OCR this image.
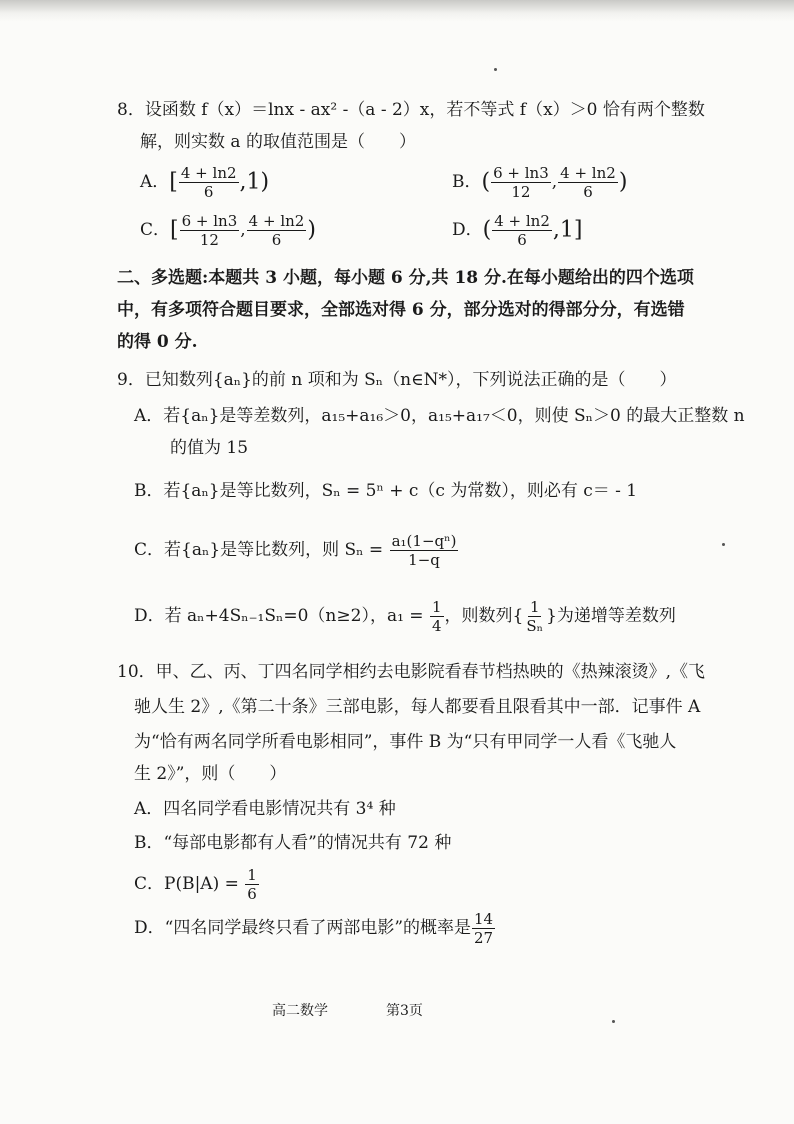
8．设函数 f（x）＝lnx - ax² -（a - 2）x，若不等式 f（x）＞0 恰有两个整数
解，则实数 a 的取值范围是（　　）
A．[ $\frac{4 + \ln 2}{6} ,1$)	B．( $\frac{6 + \ln 3}{12}$ , $\frac{4 + \ln 2}{6}$ )
C．[ $\frac{6 + \ln 3}{12}$ , $\frac{4 + \ln 2}{6}$ )	D．( $\frac{4 + \ln 2}{6} ,1$]
二、多选题:本题共 3 小题，每小题 6 分,共 18 分.在每小题给出的四个选项
中，有多项符合题目要求，全部选对得 6 分，部分选对的得部分分，有选错
的得 0 分.
9．已知数列{aₙ}的前 n 项和为 Sₙ（n∈N*），下列说法正确的是（　　）
A．若{aₙ}是等差数列，a₁₅+a₁₆＞0，a₁₅+a₁₇＜0，则使 Sₙ＞0 的最大正整数 n
的值为 15
B．若{aₙ}是等比数列，Sₙ = 5ⁿ + c（c 为常数），则必有 c＝ - 1
C．若{aₙ}是等比数列，则 $S_n = \frac{\text{a₁(1−qⁿ)}}{1-q}$
D．若 aₙ+4Sₙ₋₁Sₙ=0（n≥2），$a_1 = \frac{1}{4}$ ，则数列{ $\frac{1}{\text{Sₙ}}$ }为递增等差数列
10．甲、乙、丙、丁四名同学相约去电影院看春节档热映的《热辣滚烫》,《飞
驰人生 2》,《第二十条》三部电影，每人都要看且限看其中一部．记事件 A
为“恰有两名同学所看电影相同”，事件 B 为“只有甲同学一人看《飞驰人
生 2》”，则（　　）
A．四名同学看电影情况共有 3⁴ 种
B．“每部电影都有人看”的情况共有 72 种
C．$P(B|A) = \frac{1}{6}$
D．“四名同学最终只看了两部电影”的概率是 $\frac{14}{27}$
高二数学	第3页
